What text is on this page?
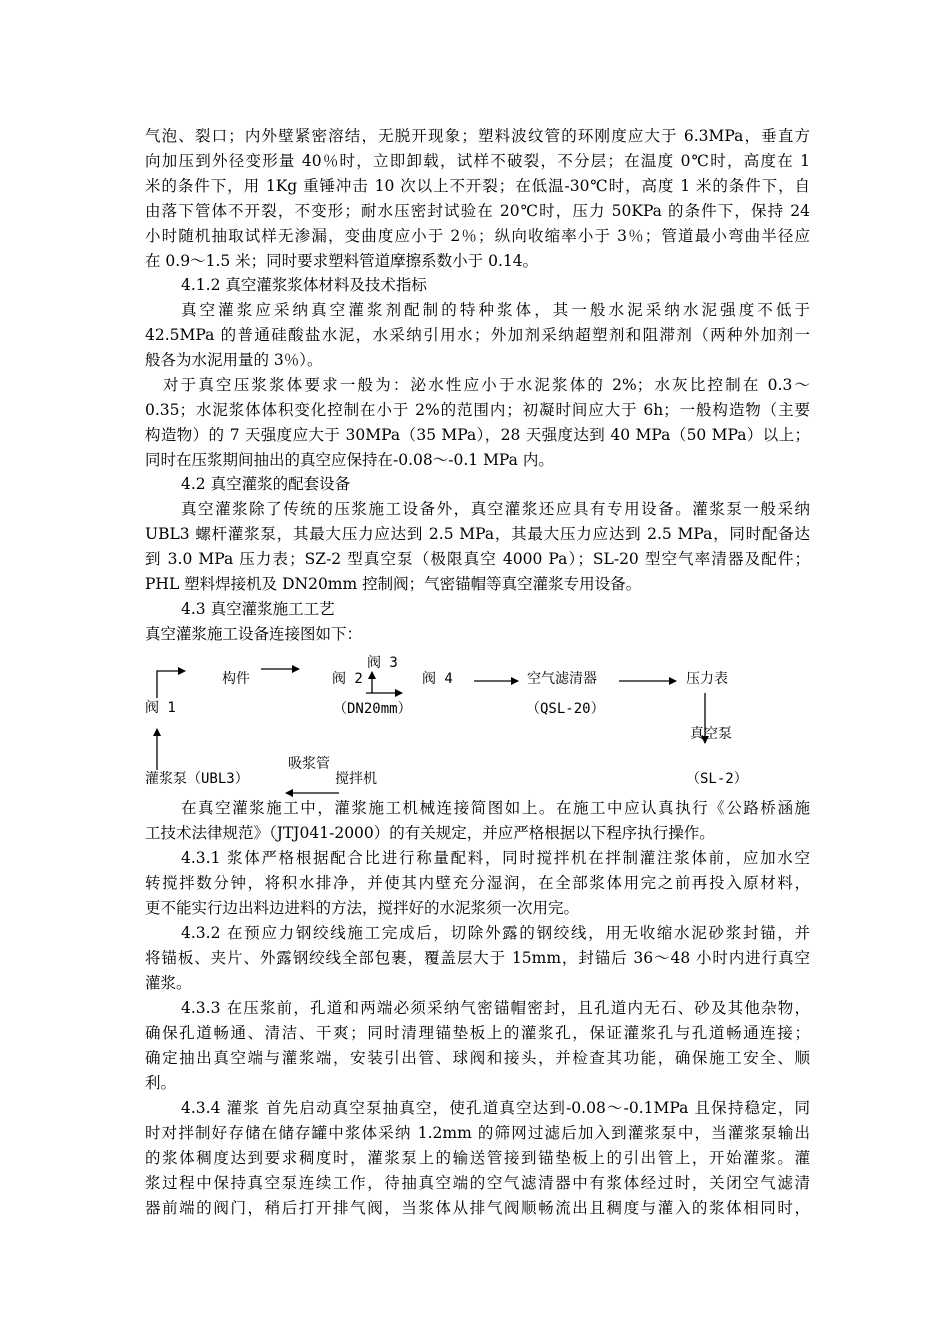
气泡、裂口；内外壁紧密溶结，无脱开现象；塑料波纹管的环刚度应大于 6.3MPa，垂直方
向加压到外径变形量 40％时，立即卸载，试样不破裂，不分层；在温度 0℃时，高度在 1
米的条件下，用 1Kg 重锤冲击 10 次以上不开裂；在低温-30℃时，高度 1 米的条件下，自
由落下管体不开裂，不变形；耐水压密封试验在 20℃时，压力 50KPa 的条件下，保持 24
小时随机抽取试样无渗漏，变曲度应小于 2％；纵向收缩率小于 3％；管道最小弯曲半径应
在 0.9～1.5 米；同时要求塑料管道摩擦系数小于 0.14。
4.1.2 真空灌浆浆体材料及技术指标
真空灌浆应采纳真空灌浆剂配制的特种浆体，其一般水泥采纳水泥强度不低于
42.5MPa 的普通硅酸盐水泥，水采纳引用水；外加剂采纳超塑剂和阻滞剂（两种外加剂一
般各为水泥用量的 3％）。
对于真空压浆浆体要求一般为：泌水性应小于水泥浆体的 2%；水灰比控制在 0.3～
0.35；水泥浆体体积变化控制在小于 2%的范围内；初凝时间应大于 6h；一般构造物（主要
构造物）的 7 天强度应大于 30MPa（35 MPa），28 天强度达到 40 MPa（50 MPa）以上；
同时在压浆期间抽出的真空应保持在-0.08～-0.1 MPa 内。
4.2 真空灌浆的配套设备
真空灌浆除了传统的压浆施工设备外，真空灌浆还应具有专用设备。灌浆泵一般采纳
UBL3 螺杆灌浆泵，其最大压力应达到 2.5 MPa，其最大压力应达到 2.5 MPa，同时配备达
到 3.0 MPa 压力表；SZ-2 型真空泵（极限真空 4000 Pa）；SL-20 型空气率清器及配件；
PHL 塑料焊接机及 DN20mm 控制阀；气密锚帽等真空灌浆专用设备。
4.3 真空灌浆施工工艺
真空灌浆施工设备连接图如下：
阀 1
构件	阀 2
阀 3
阀 4
（DN20mm）
空气滤清器
（QSL-20）
压力表
真空泵
（SL-2）
灌浆泵（UBL3）
吸浆管
搅拌机
在真空灌浆施工中，灌浆施工机械连接简图如上。在施工中应认真执行《公路桥涵施
工技术法律规范》（JTJ041-2000）的有关规定，并应严格根据以下程序执行操作。
4.3.1 浆体严格根据配合比进行称量配料，同时搅拌机在拌制灌注浆体前，应加水空
转搅拌数分钟，将积水排净，并使其内壁充分湿润，在全部浆体用完之前再投入原材料，
更不能实行边出料边进料的方法，搅拌好的水泥浆须一次用完。
4.3.2 在预应力钢绞线施工完成后，切除外露的钢绞线，用无收缩水泥砂浆封锚，并
将锚板、夹片、外露钢绞线全部包裹，覆盖层大于 15mm，封锚后 36～48 小时内进行真空
灌浆。
4.3.3 在压浆前，孔道和两端必须采纳气密锚帽密封，且孔道内无石、砂及其他杂物，
确保孔道畅通、清洁、干爽；同时清理锚垫板上的灌浆孔，保证灌浆孔与孔道畅通连接；
确定抽出真空端与灌浆端，安装引出管、球阀和接头，并检查其功能，确保施工安全、顺
利。
4.3.4 灌浆 首先启动真空泵抽真空，使孔道真空达到-0.08～-0.1MPa 且保持稳定，同
时对拌制好存储在储存罐中浆体采纳 1.2mm 的筛网过滤后加入到灌浆泵中，当灌浆泵输出
的浆体稠度达到要求稠度时，灌浆泵上的输送管接到锚垫板上的引出管上，开始灌浆。灌
浆过程中保持真空泵连续工作，待抽真空端的空气滤清器中有浆体经过时，关闭空气滤清
器前端的阀门，稍后打开排气阀，当浆体从排气阀顺畅流出且稠度与灌入的浆体相同时，
